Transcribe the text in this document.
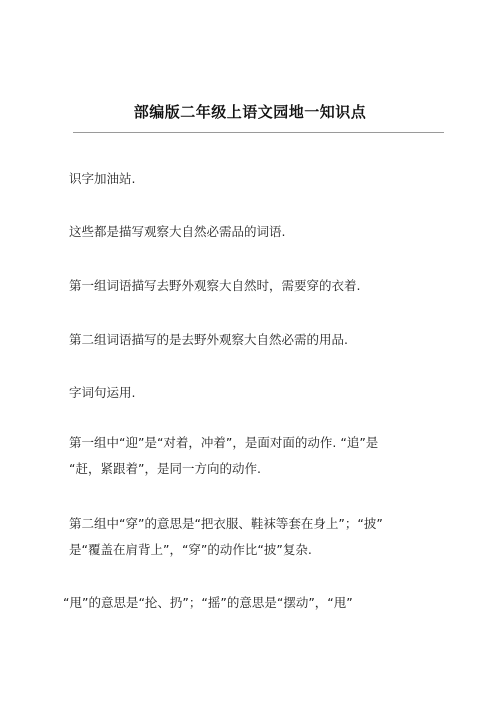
部编版二年级上语文园地一知识点
识字加油站.
这些都是描写观察大自然必需品的词语.
第一组词语描写去野外观察大自然时，需要穿的衣着.
第二组词语描写的是去野外观察大自然必需的用品.
字词句运用.
第一组中“迎”是“对着，冲着”，是面对面的动作. “追”是
“赶，紧跟着”，是同一方向的动作.
第二组中“穿”的意思是“把衣服、鞋袜等套在身上”；“披”
是“覆盖在肩背上”，“穿”的动作比“披”复杂.
“甩”的意思是“抡、扔”；“摇”的意思是“摆动”，“甩”
